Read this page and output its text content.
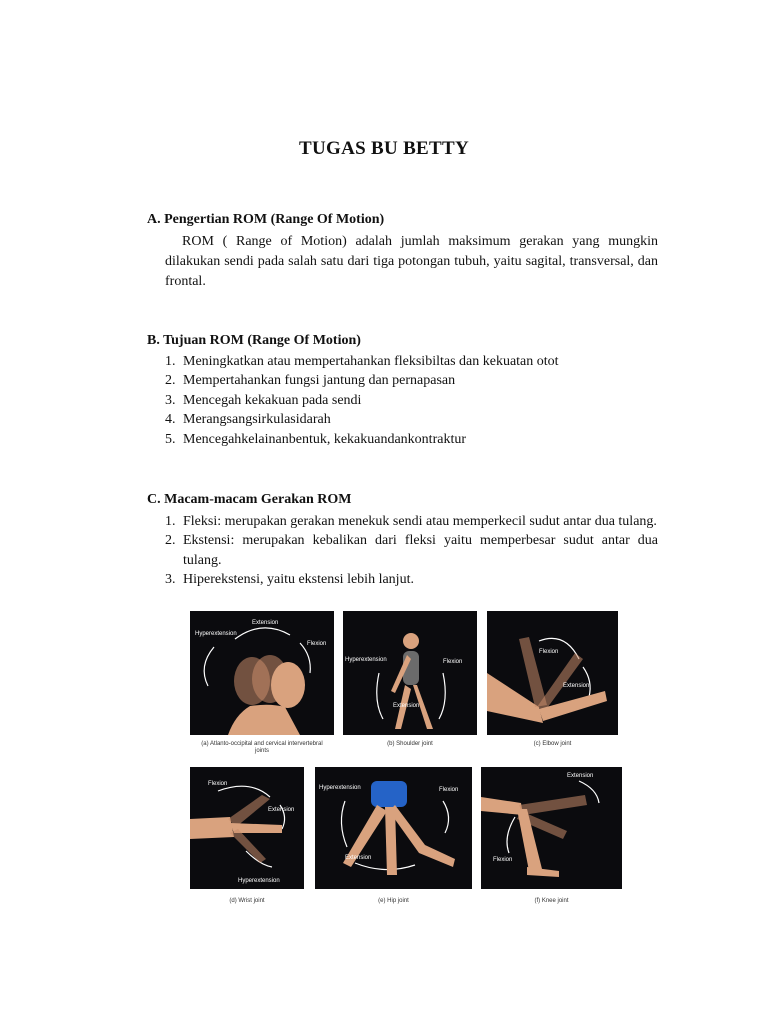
TUGAS BU BETTY
A. Pengertian ROM (Range Of Motion)

ROM ( Range of Motion) adalah jumlah maksimum gerakan yang mungkin dilakukan sendi pada salah satu dari tiga potongan tubuh, yaitu sagital, transversal, dan frontal.

B. Tujuan ROM (Range Of Motion)
1. Meningkatkan atau mempertahankan fleksibiltas dan kekuatan otot
2. Mempertahankan fungsi jantung dan pernapasan
3. Mencegah kekakuan pada sendi
4. Merangsangsirkulasidarah
5. Mencegahkelainanbentuk, kekakuandankontraktur
C. Macam-macam Gerakan ROM
1. Fleksi: merupakan gerakan menekuk sendi atau memperkecil sudut antar dua tulang.
2. Ekstensi: merupakan kebalikan dari fleksi yaitu memperbesar sudut antar dua tulang.
3. Hiperekstensi, yaitu ekstensi lebih lanjut.
Extension
Hyperextension
Flexion
(a) Atlanto-occipital and cervical intervertebral joints
Hyperextension	Flexion
Extension
(b) Shoulder joint
Flexion
Extension
(c) Elbow joint
Flexion
Extension
Hyperextension
(d) Wrist joint
Hyperextension	Flexion
Extension
(e) Hip joint
Extension
Flexion
(f) Knee joint
